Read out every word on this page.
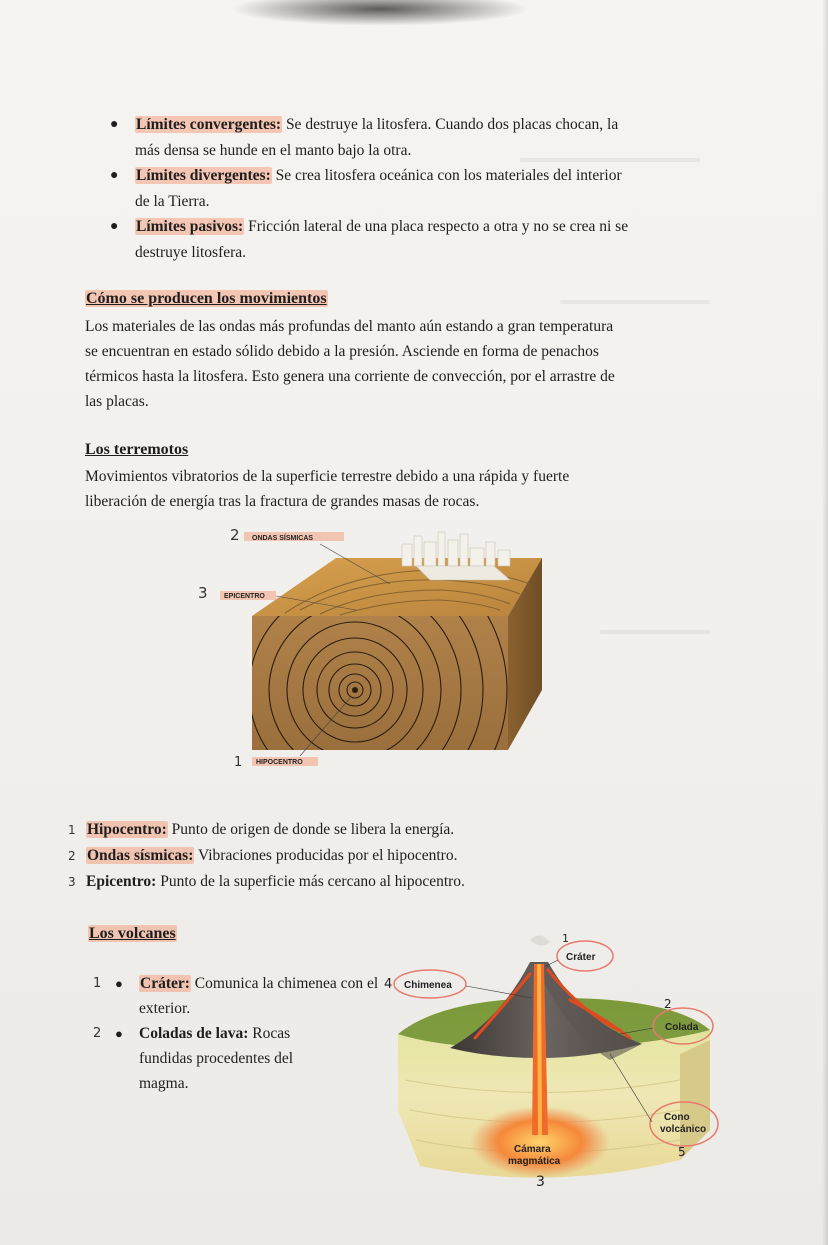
● Límites convergentes: Se destruye la litosfera. Cuando dos placas chocan, la
más densa se hunde en el manto bajo la otra.
● Límites divergentes: Se crea litosfera oceánica con los materiales del interior
de la Tierra.
● Límites pasivos: Fricción lateral de una placa respecto a otra y no se crea ni se
destruye litosfera.
Cómo se producen los movimientos
Los materiales de las ondas más profundas del manto aún estando a gran temperatura
se encuentran en estado sólido debido a la presión. Asciende en forma de penachos
térmicos hasta la litosfera. Esto genera una corriente de convección, por el arrastre de
las placas.
Los terremotos
Movimientos vibratorios de la superficie terrestre debido a una rápida y fuerte
liberación de energía tras la fractura de grandes masas de rocas.
2 ONDAS SÍSMICAS
3 EPICENTRO
1 HIPOCENTRO
1 Hipocentro: Punto de origen de donde se libera la energía.
2 Ondas sísmicas: Vibraciones producidas por el hipocentro.
3 Epicentro: Punto de la superficie más cercano al hipocentro.
Los volcanes
1 ● Cráter: Comunica la chimenea con el exterior.
2 ● Coladas de lava: Rocas fundidas procedentes del magma.
Cráter
1
Chimenea
4
Colada
2
Cono
volcánico
5
Cámara
magmática
3
